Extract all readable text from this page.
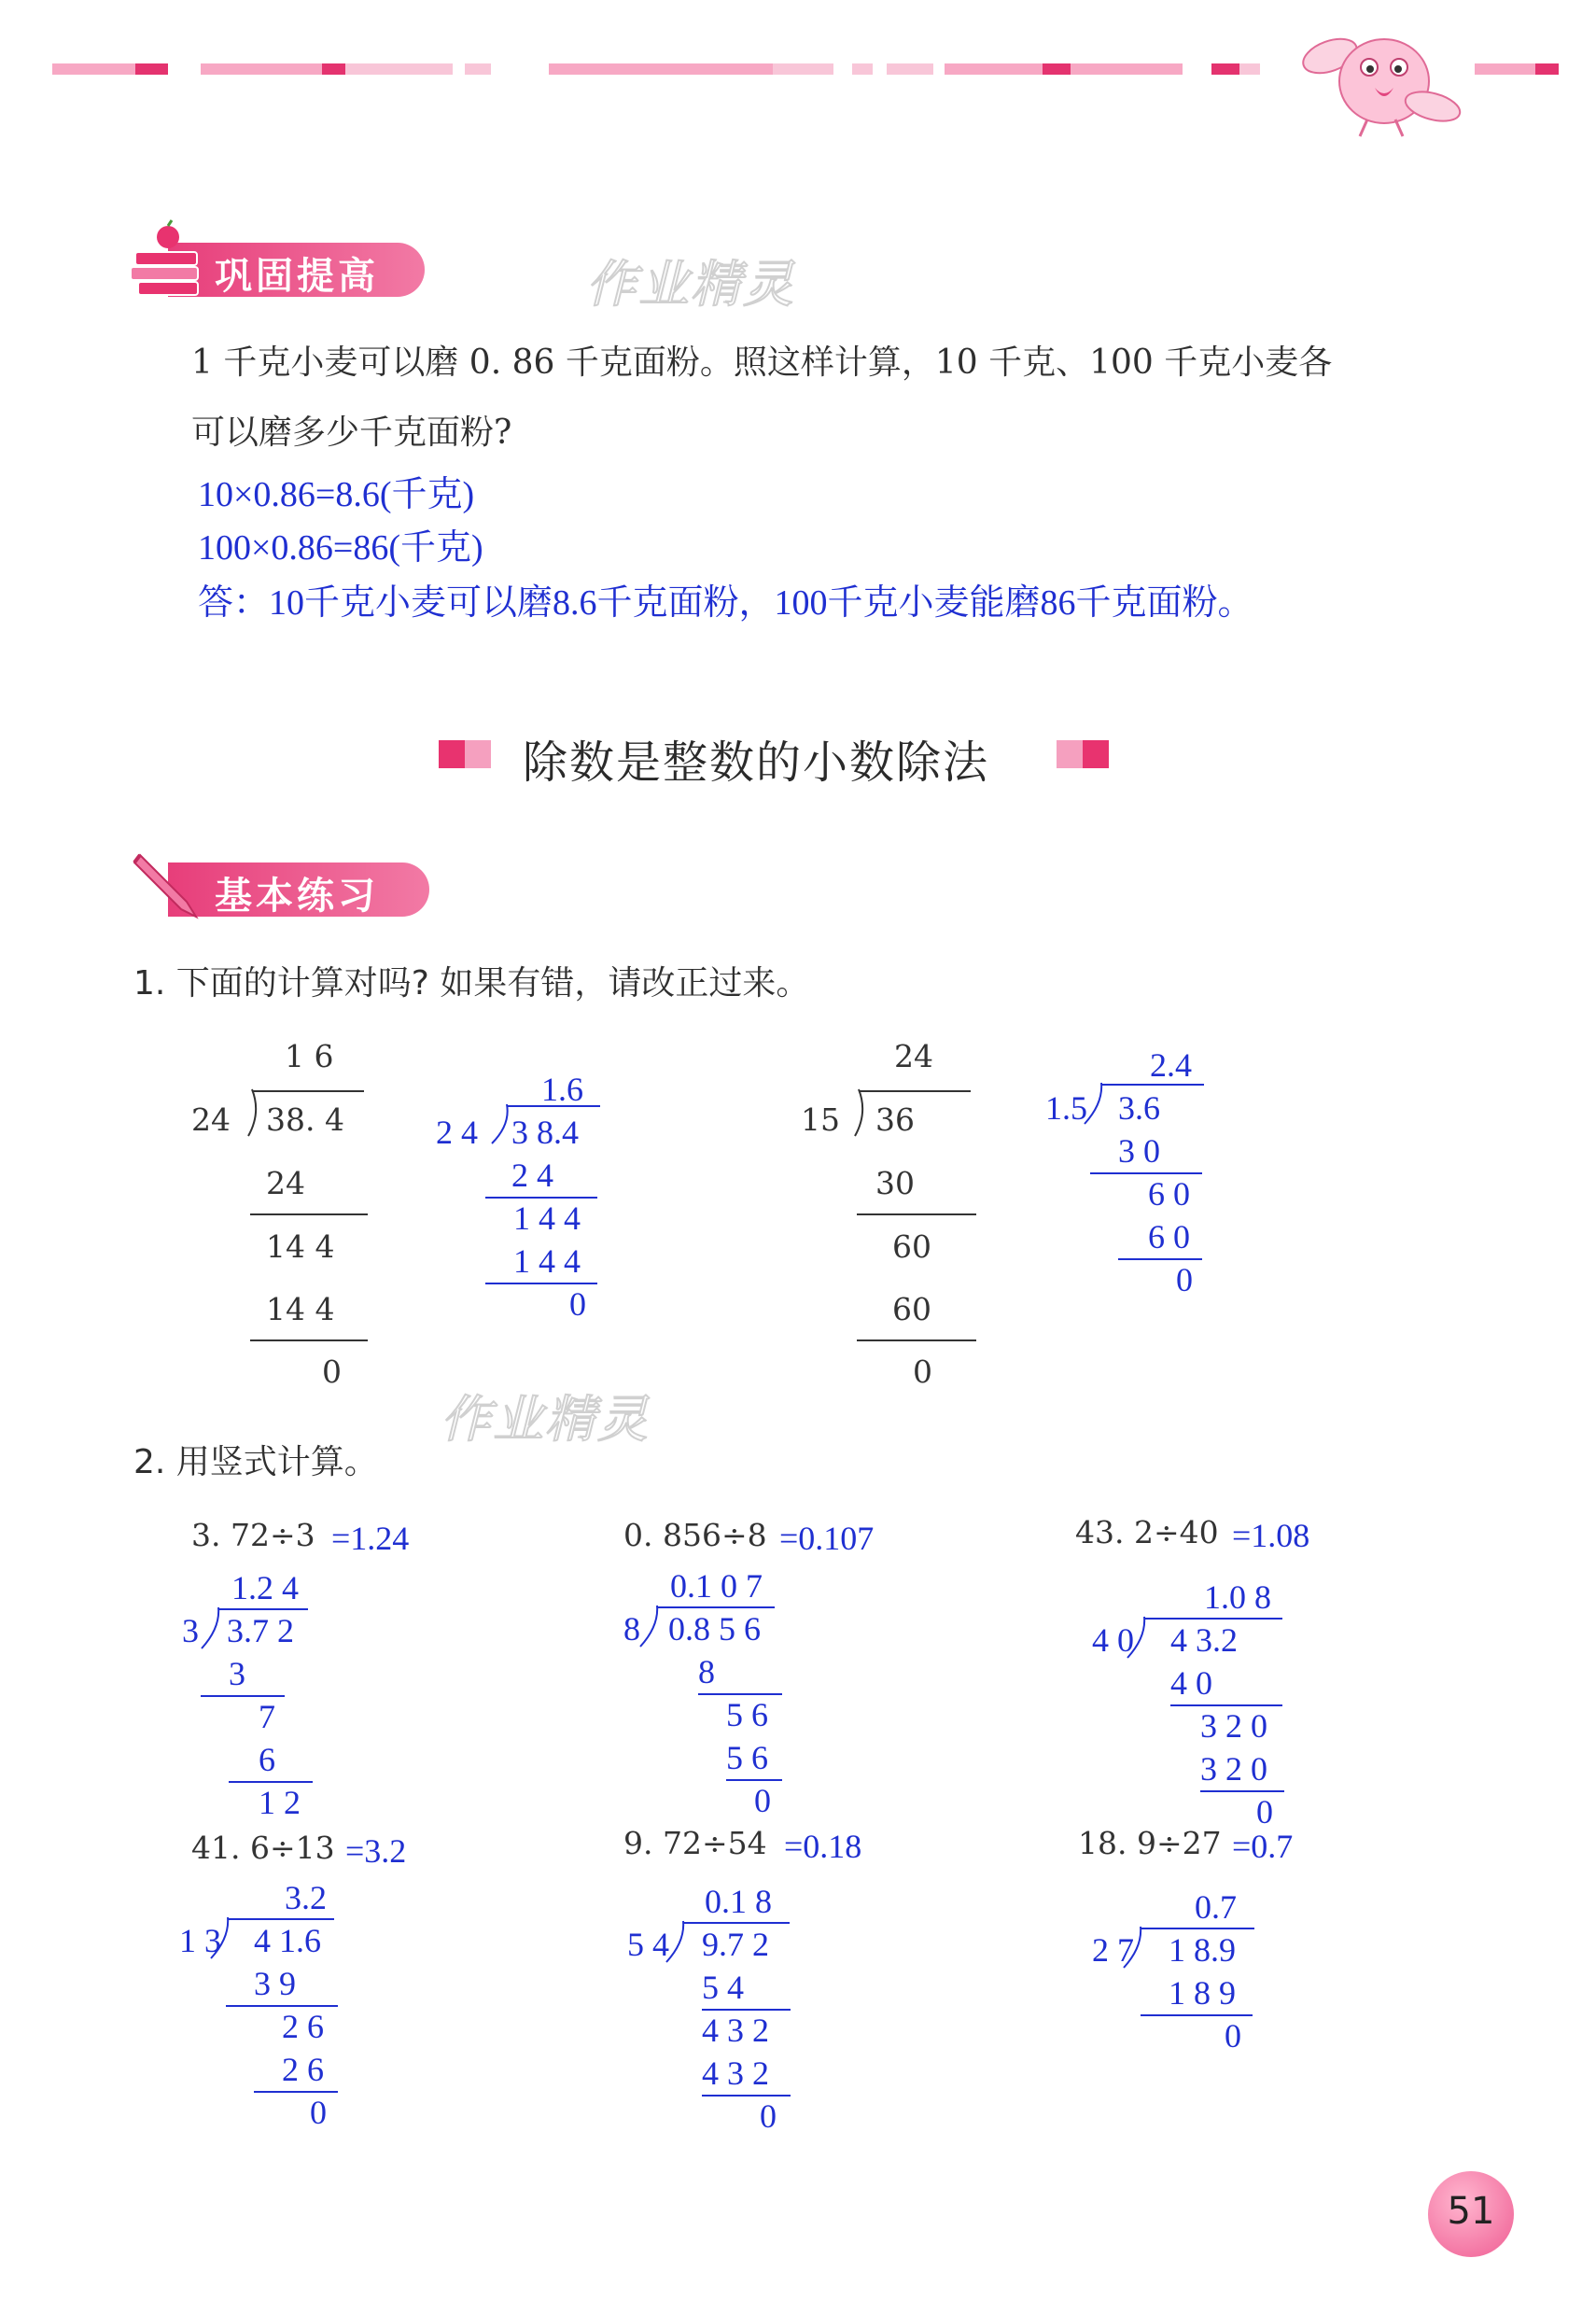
巩固提高	作业精灵
1 千克小麦可以磨 0. 86 千克面粉。照这样计算，10 千克、100 千克小麦各
可以磨多少千克面粉?
10×0.86=8.6(千克)
100×0.86=86(千克)
答：10千克小麦可以磨8.6千克面粉，100千克小麦能磨86千克面粉。
除数是整数的小数除法
基本练习
1. 下面的计算对吗? 如果有错，请改正过来。
1 6
24 38. 4
24
14 4
14 4
0
1.6
2 4 3 8.4
2 4
1 4 4
1 4 4
0
24
15 36
30
60
60
0
2.4
1.5 3.6
3 0
6 0
6 0
0
作业精灵
2. 用竖式计算。
3. 72÷3 =1.24
1.2 4
3 3.7 2
3
7
6
1 2
0. 856÷8 =0.107
0.1 0 7
8 0.8 5 6
8
5 6
5 6
0
43. 2÷40 =1.08
1.0 8
4 0 4 3.2
4 0
3 2 0
3 2 0
0
41. 6÷13 =3.2
3.2
1 3 4 1.6
3 9
2 6
2 6
0
9. 72÷54 =0.18
0.1 8
5 4 9.7 2
5 4
4 3 2
4 3 2
0
18. 9÷27 =0.7
0.7
2 7 1 8.9
1 8 9
0
51
